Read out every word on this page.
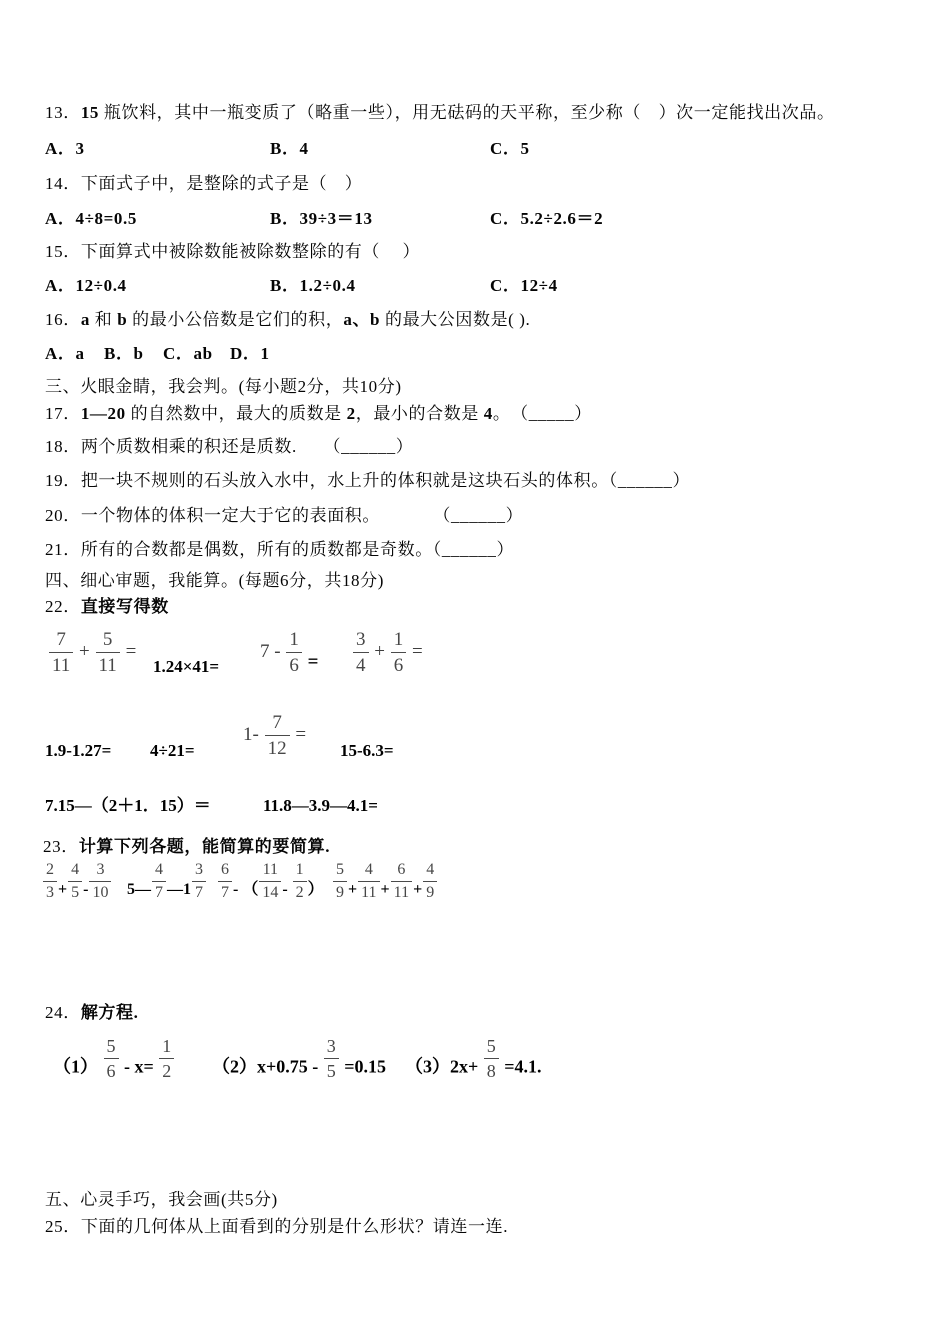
13．15 瓶饮料，其中一瓶变质了（略重一些），用无砝码的天平称，至少称（　）次一定能找出次品。
A．3	B．4	C．5
14．下面式子中，是整除的式子是（　）
A．4÷8=0.5	B．39÷3＝13	C．5.2÷2.6＝2
15．下面算式中被除数能被除数整除的有（　 ）
A．12÷0.4	B．1.2÷0.4	C．12÷4
16．a 和 b 的最小公倍数是它们的积，a、b 的最大公因数是( ).
A．a B．b C．ab D．1
三、火眼金睛，我会判。(每小题2分，共10分)
17．1—20 的自然数中，最大的质数是 2，最小的合数是 4。　（_____）
18．两个质数相乘的积还是质数.　　（______）
19．把一块不规则的石头放入水中，水上升的体积就是这块石头的体积。（______）
20．一个物体的体积一定大于它的表面积。　　　　（______）
21．所有的合数都是偶数，所有的质数都是奇数。（______）
四、细心审题，我能算。(每题6分，共18分)
22．直接写得数
23．计算下列各题，能简算的要简算.
24．解方程.
五、心灵手巧，我会画(共5分)
25．下面的几何体从上面看到的分别是什么形状？请连一连.
$\frac{7}{11} + \frac{5}{11}$ =
1.24×41=
$7 - \frac{1}{6} = \frac{3}{4} + \frac{1}{6}$ =
1.9-1.27= 4÷21=
$1- \frac{7}{12}$ =
15-6.3=
7.15—（2＋1．15）＝	11.8—3.9—4.1=
$\frac{2}{3} + \frac{4}{5} - \frac{3}{10}$ 5— $\frac{4}{7}$ —1 $\frac{3}{7} \frac{6}{7}$ - （ $\frac{11}{14} - \frac{1}{2}$ ） $\frac{5}{9} + \frac{4}{11} + \frac{6}{11} + \frac{4}{9}$
$(1) \frac{5}{6} - x= \frac{1}{2} (2)x+0.75 - \frac{3}{5} =0.15$ $(3)2x+ \frac{5}{8} =4.1$.
